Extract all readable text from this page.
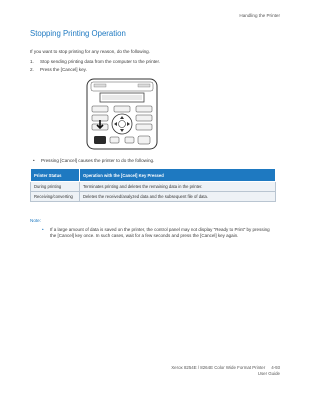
Handling the Printer
Stopping Printing Operation
If you want to stop printing for any reason, do the following.
1. Stop sending printing data from the computer to the printer.
2. Press the [Cancel] key.
• Pressing [Cancel] causes the printer to do the following.
Printer Status	Operation with the [Cancel] Key Pressed
During printing	Terminates printing and deletes the remaining data in the printer.
Receiving/converting	Deletes the received/analyzed data and the subsequent file of data.
Note:
• If a large amount of data is saved on the printer, the control panel may not display "Ready to Print" by pressing the [Cancel] key once. In such cases, wait for a few seconds and press the [Cancel] key again.
Xerox 8254E / 8264E Color Wide Format Printer 4-93
User Guide
